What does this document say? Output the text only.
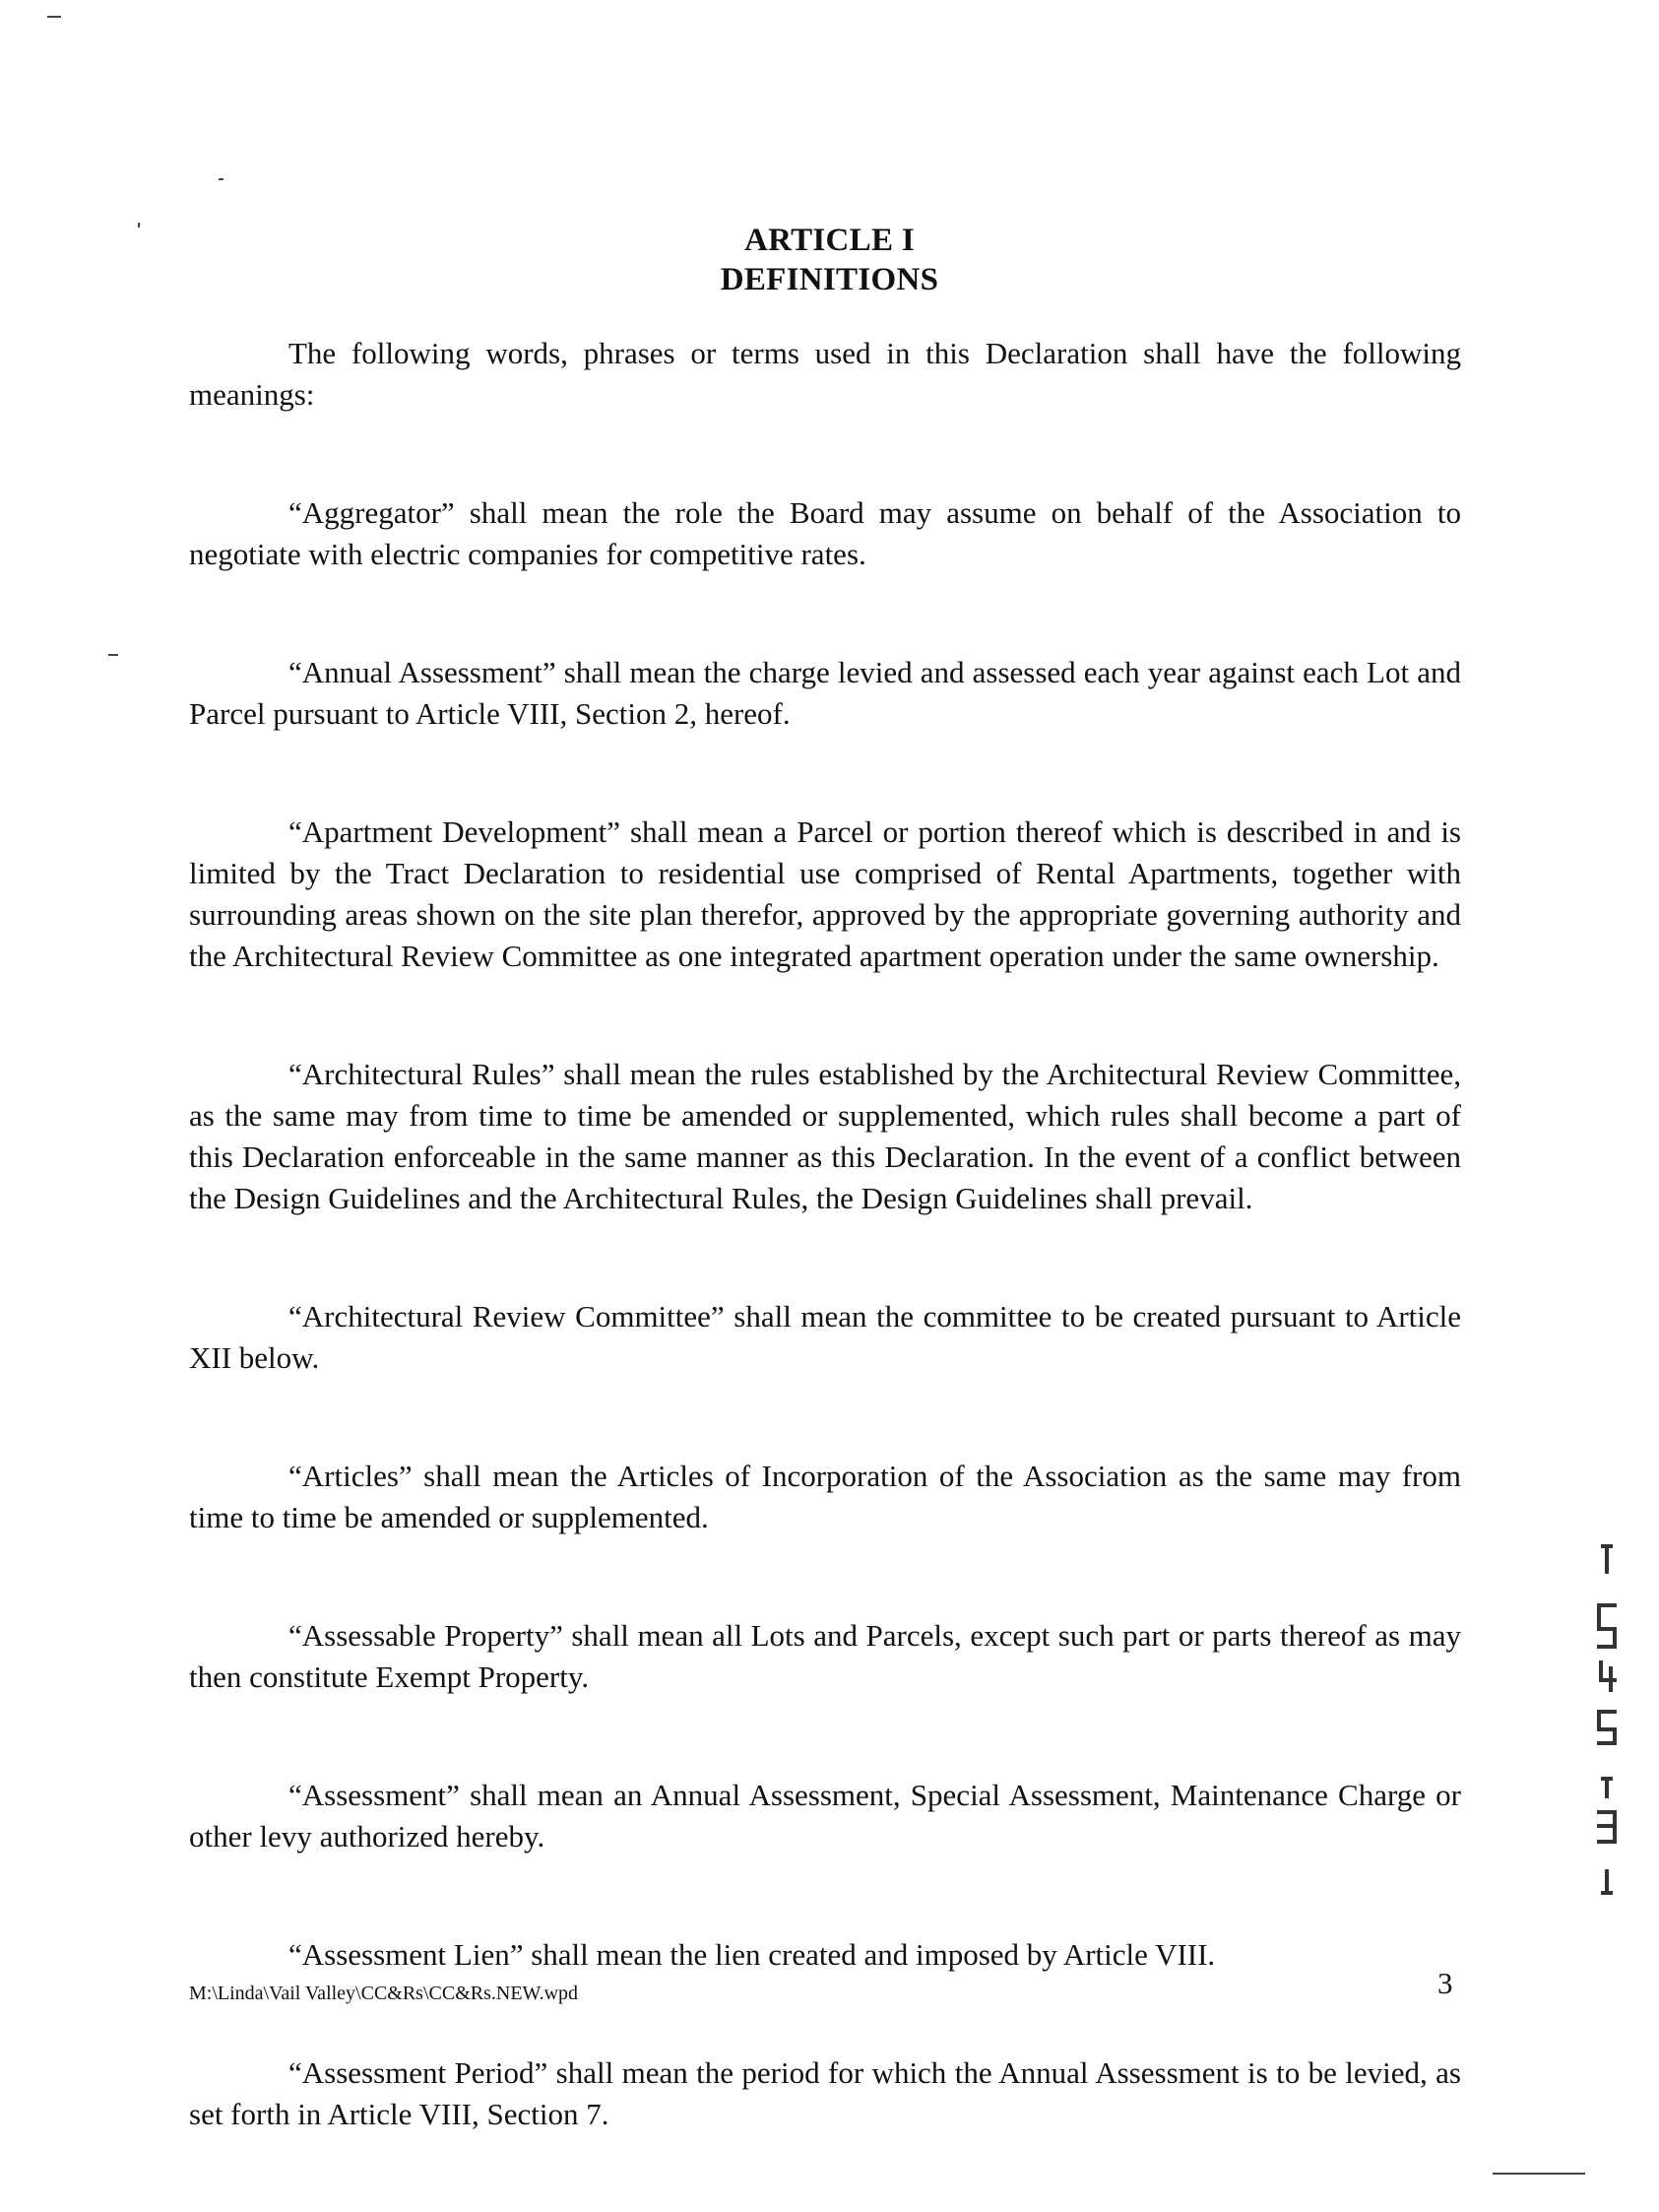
ARTICLE I
DEFINITIONS

The following words, phrases or terms used in this Declaration shall have the following meanings:

“Aggregator” shall mean the role the Board may assume on behalf of the Association to negotiate with electric companies for competitive rates.

“Annual Assessment” shall mean the charge levied and assessed each year against each Lot and Parcel pursuant to Article VIII, Section 2, hereof.

“Apartment Development” shall mean a Parcel or portion thereof which is described in and is limited by the Tract Declaration to residential use comprised of Rental Apartments, together with surrounding areas shown on the site plan therefor, approved by the appropriate governing authority and the Architectural Review Committee as one integrated apartment operation under the same ownership.

“Architectural Rules” shall mean the rules established by the Architectural Review Committee, as the same may from time to time be amended or supplemented, which rules shall become a part of this Declaration enforceable in the same manner as this Declaration. In the event of a conflict between the Design Guidelines and the Architectural Rules, the Design Guidelines shall prevail.

“Architectural Review Committee” shall mean the committee to be created pursuant to Article XII below.

“Articles” shall mean the Articles of Incorporation of the Association as the same may from time to time be amended or supplemented.

“Assessable Property” shall mean all Lots and Parcels, except such part or parts thereof as may then constitute Exempt Property.

“Assessment” shall mean an Annual Assessment, Special Assessment, Maintenance Charge or other levy authorized hereby.

“Assessment Lien” shall mean the lien created and imposed by Article VIII.

“Assessment Period” shall mean the period for which the Annual Assessment is to be levied, as set forth in Article VIII, Section 7.

M:\Linda\Vail Valley\CC&Rs\CC&Rs.NEW.wpd	3
